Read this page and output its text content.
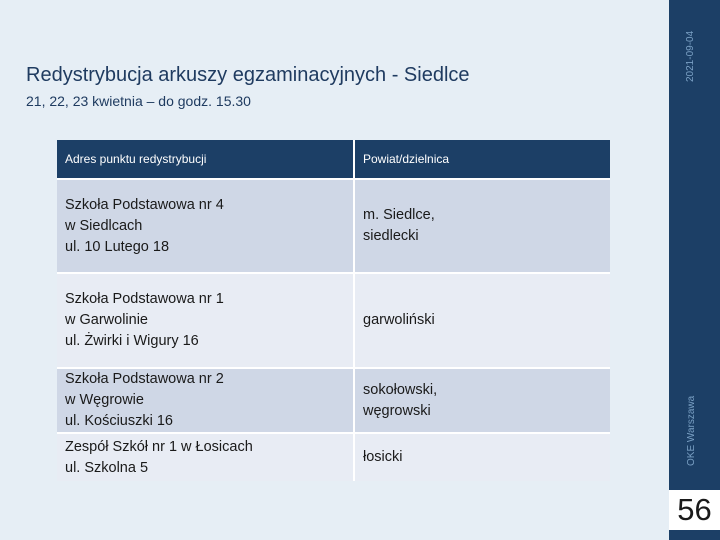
2021-09-04
OKE Warszawa
56
Redystrybucja arkuszy egzaminacyjnych - Siedlce
21, 22, 23 kwietnia – do godz. 15.30
Adres punktu redystrybucji	Powiat/dzielnica

Szkoła Podstawowa nr 4
w Siedlcach
ul. 10 Lutego 18	m. Siedlce,
siedlecki

Szkoła Podstawowa nr 1
w Garwolinie
ul. Żwirki i Wigury 16	garwoliński

Szkoła Podstawowa nr 2
w Węgrowie
ul. Kościuszki 16	sokołowski,
węgrowski

Zespół Szkół nr 1 w Łosicach
ul. Szkolna 5	łosicki
